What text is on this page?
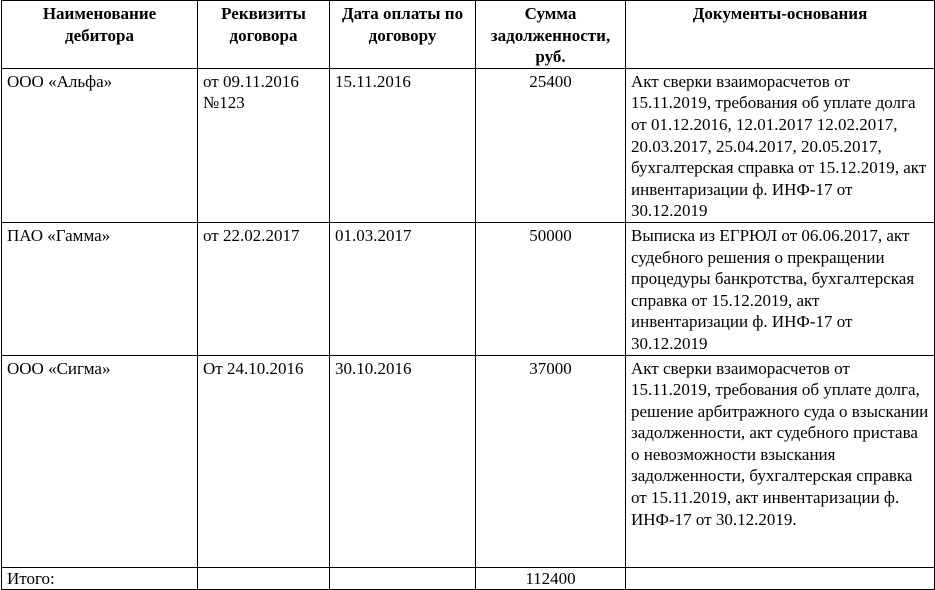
Наименование дебитора	Реквизиты договора	Дата оплаты по договору	Сумма задолженности, руб.	Документы-основания
ООО «Альфа»	от 09.11.2016 №123	15.11.2016	25400	Акт сверки взаиморасчетов от 15.11.2019, требования об уплате долга от 01.12.2016, 12.01.2017 12.02.2017, 20.03.2017, 25.04.2017, 20.05.2017, бухгалтерская справка от 15.12.2019, акт инвентаризации ф. ИНФ-17 от 30.12.2019
ПАО «Гамма»	от 22.02.2017	01.03.2017	50000	Выписка из ЕГРЮЛ от 06.06.2017, акт судебного решения о прекращении процедуры банкротства, бухгалтерская справка от 15.12.2019, акт инвентаризации ф. ИНФ-17 от 30.12.2019
ООО «Сигма»	От 24.10.2016	30.10.2016	37000	Акт сверки взаиморасчетов от 15.11.2019, требования об уплате долга, решение арбитражного суда о взыскании задолженности, акт судебного пристава о невозможности взыскания задолженности, бухгалтерская справка от 15.11.2019, акт инвентаризации ф. ИНФ-17 от 30.12.2019.
Итого:			112400	
